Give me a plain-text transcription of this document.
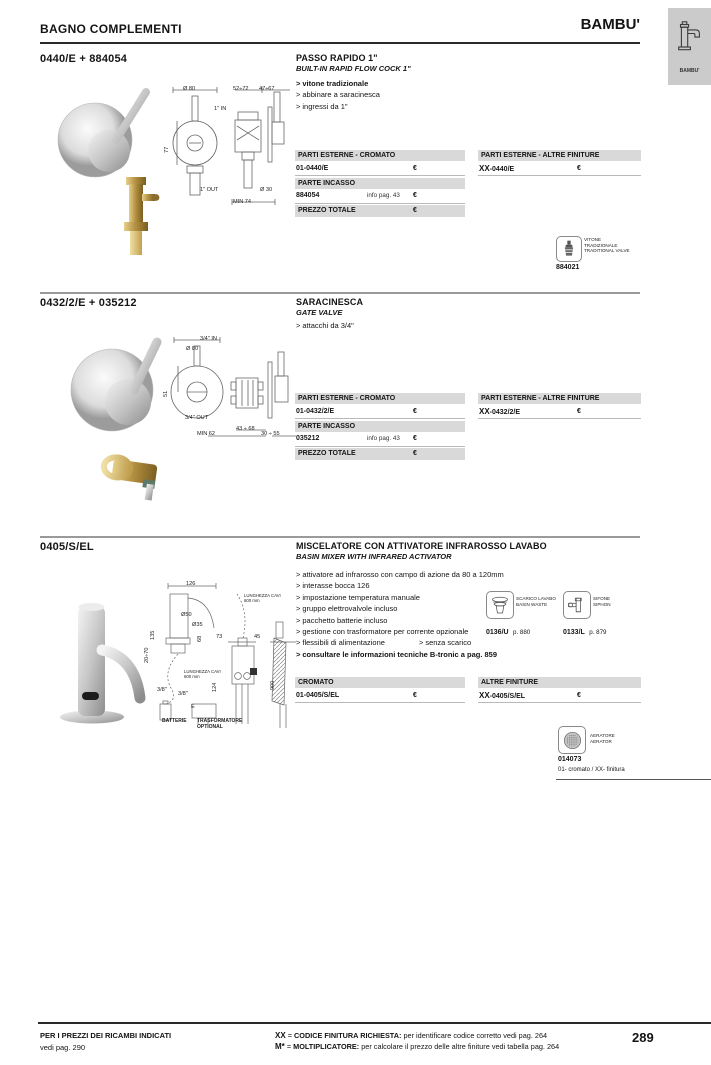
BAGNO COMPLEMENTI	BAMBU'
BAMBU'
0440/E + 884054
Ø 80	52÷72 47÷67
1" IN
77
1" OUT	Ø 30
MIN 74
PASSO RAPIDO 1"
BUILT-IN RAPID FLOW COCK 1"
> vitone tradizionale
> abbinare a saracinesca
> ingressi da 1"
PARTI ESTERNE - CROMATO
01-0440/E	€
PARTE INCASSO
884054	info pag. 43 €
PREZZO TOTALE	€
PARTI ESTERNE - ALTRE FINITURE
XX-0440/E	€
VITONE
TRADIZIONALE
TRADITIONAL VALVE
884021
0432/2/E + 035212
3/4" IN
Ø 80
51
3/4" OUT
MIN 62
43 ÷ 68
30 ÷ 55
SARACINESCA
GATE VALVE
> attacchi da 3/4"
PARTI ESTERNE - CROMATO
01-0432/2/E	€
PARTE INCASSO
035212	info pag. 43 €
PREZZO TOTALE	€
PARTI ESTERNE - ALTRE FINITURE
XX-0432/2/E	€
0405/S/EL
126
135
Ø50
68
Ø35
20÷70
LUNGHEZZA CAVI 600 mm
73	45
124
LUNGHEZZA CAVI 600 mm
3/8"
3/8"
900
BATTERIE
E
TRASFORMATORE OPTIONAL
MISCELATORE CON ATTIVATORE INFRAROSSO LAVABO
BASIN MIXER WITH INFRARED ACTIVATOR
> attivatore ad infrarosso con campo di azione da 80 a 120mm
> interasse bocca 126
> impostazione temperatura manuale
> gruppo elettrovalvole incluso
> pacchetto batterie incluso
> gestione con trasformatore per corrente opzionale
> flessibili di alimentazione	> senza scarico
> consultare le informazioni tecniche B-tronic a pag. 859
SCARICO LAVABO
BASIN WASTE
0136/U p. 880
SIFONE
SIPHON
0133/L p. 879
CROMATO
01-0405/S/EL	€
ALTRE FINITURE
XX-0405/S/EL	€
AERATORE
AERATOR
014073
01- cromato / XX- finitura
PER I PREZZI DEI RICAMBI INDICATI
vedi pag. 290
XX = CODICE FINITURA RICHIESTA: per identificare codice corretto vedi pag. 264
M* = MOLTIPLICATORE: per calcolare il prezzo delle altre finiture vedi tabella pag. 264
289
